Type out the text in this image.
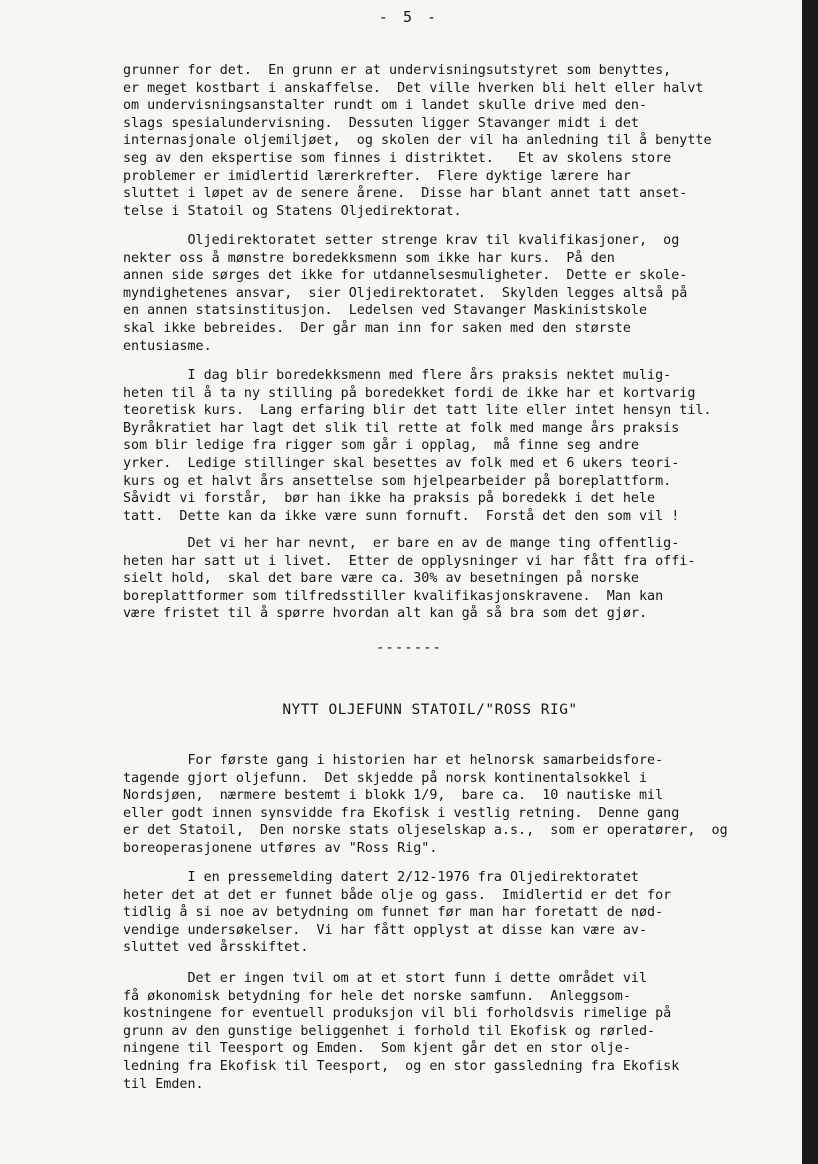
- 5 -
grunner for det.  En grunn er at undervisningsutstyret som benyttes,
er meget kostbart i anskaffelse.  Det ville hverken bli helt eller halvt
om undervisningsanstalter rundt om i landet skulle drive med den-
slags spesialundervisning.  Dessuten ligger Stavanger midt i det
internasjonale oljemiljøet,  og skolen der vil ha anledning til å benytte
seg av den ekspertise som finnes i distriktet.   Et av skolens store
problemer er imidlertid lærerkrefter.  Flere dyktige lærere har
sluttet i løpet av de senere årene.  Disse har blant annet tatt anset-
telse i Statoil og Statens Oljedirektorat.
Oljedirektoratet setter strenge krav til kvalifikasjoner,  og
nekter oss å mønstre boredekksmenn som ikke har kurs.  På den
annen side sørges det ikke for utdannelsesmuligheter.  Dette er skole-
myndighetenes ansvar,  sier Oljedirektoratet.  Skylden legges altså på
en annen statsinstitusjon.  Ledelsen ved Stavanger Maskinistskole
skal ikke bebreides.  Der går man inn for saken med den største
entusiasme.
I dag blir boredekksmenn med flere års praksis nektet mulig-
heten til å ta ny stilling på boredekket fordi de ikke har et kortvarig
teoretisk kurs.  Lang erfaring blir det tatt lite eller intet hensyn til.
Byråkratiet har lagt det slik til rette at folk med mange års praksis
som blir ledige fra rigger som går i opplag,  må finne seg andre
yrker.  Ledige stillinger skal besettes av folk med et 6 ukers teori-
kurs og et halvt års ansettelse som hjelpearbeider på boreplattform.
Såvidt vi forstår,  bør han ikke ha praksis på boredekk i det hele
tatt.  Dette kan da ikke være sunn fornuft.  Forstå det den som vil !
Det vi her har nevnt,  er bare en av de mange ting offentlig-
heten har satt ut i livet.  Etter de opplysninger vi har fått fra offi-
sielt hold,  skal det bare være ca. 30% av besetningen på norske
boreplattformer som tilfredsstiller kvalifikasjonskravene.  Man kan
være fristet til å spørre hvordan alt kan gå så bra som det gjør.
-------
NYTT OLJEFUNN STATOIL/"ROSS RIG"
For første gang i historien har et helnorsk samarbeidsfore-
tagende gjort oljefunn.  Det skjedde på norsk kontinentalsokkel i
Nordsjøen,  nærmere bestemt i blokk 1/9,  bare ca.  10 nautiske mil
eller godt innen synsvidde fra Ekofisk i vestlig retning.  Denne gang
er det Statoil,  Den norske stats oljeselskap a.s.,  som er operatører,  og
boreoperasjonene utføres av "Ross Rig".
I en pressemelding datert 2/12-1976 fra Oljedirektoratet
heter det at det er funnet både olje og gass.  Imidlertid er det for
tidlig å si noe av betydning om funnet før man har foretatt de nød-
vendige undersøkelser.  Vi har fått opplyst at disse kan være av-
sluttet ved årsskiftet.
Det er ingen tvil om at et stort funn i dette området vil
få økonomisk betydning for hele det norske samfunn.  Anleggsom-
kostningene for eventuell produksjon vil bli forholdsvis rimelige på
grunn av den gunstige beliggenhet i forhold til Ekofisk og rørled-
ningene til Teesport og Emden.  Som kjent går det en stor olje-
ledning fra Ekofisk til Teesport,  og en stor gassledning fra Ekofisk
til Emden.
